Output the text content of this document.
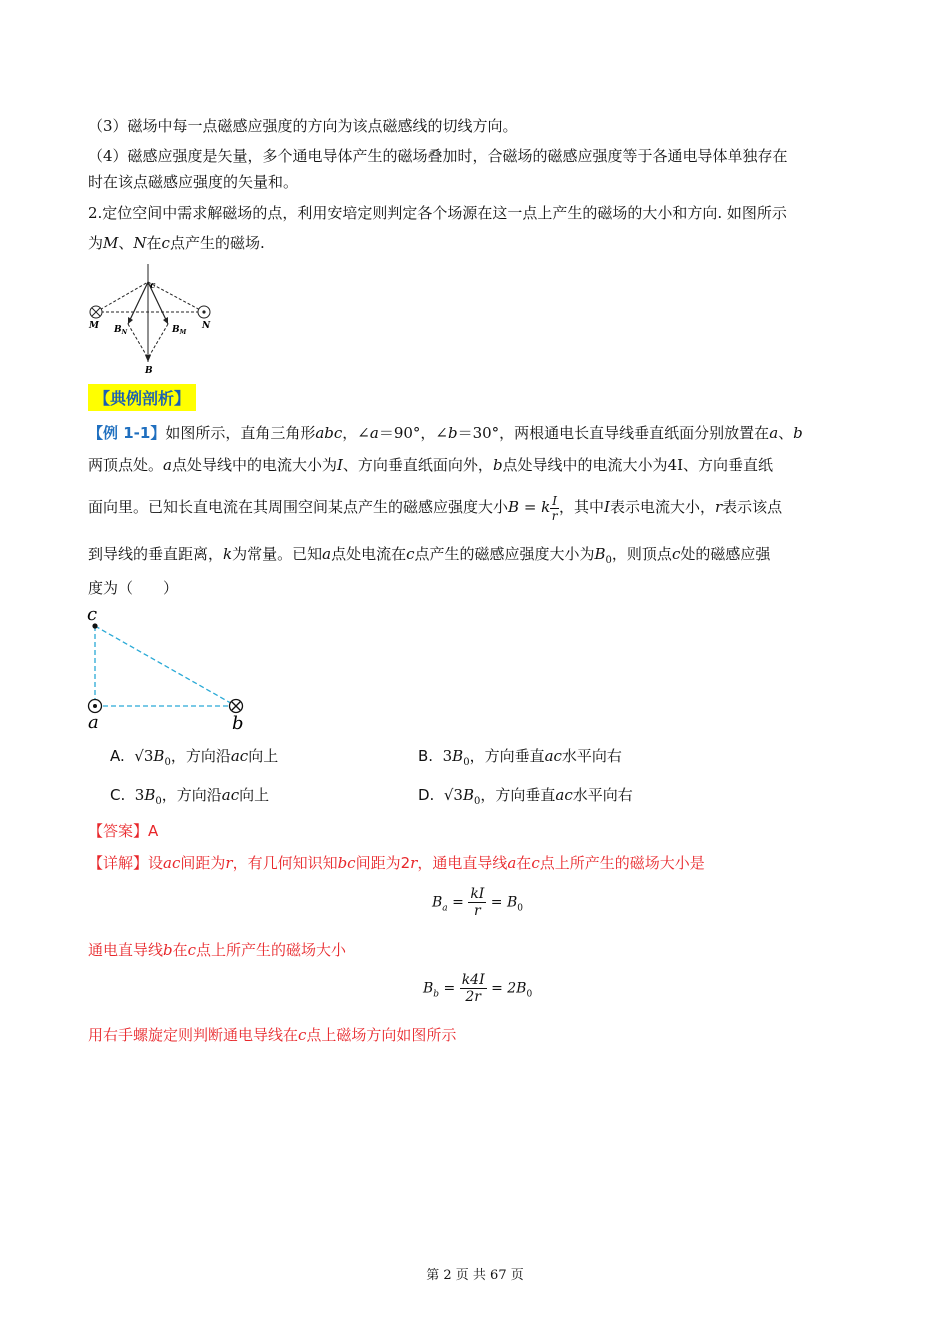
（3）磁场中每一点磁感应强度的方向为该点磁感线的切线方向。
（4）磁感应强度是矢量，多个通电导体产生的磁场叠加时，合磁场的磁感应强度等于各通电导体单独存在
时在该点磁感应强度的矢量和。
2.定位空间中需求解磁场的点，利用安培定则判定各个场源在这一点上产生的磁场的大小和方向. 如图所示
为M、N在c点产生的磁场.
c
M	N
$B_N$	$B_M$
B
【典例剖析】
【例 1-1】如图所示，直角三角形abc，∠a＝90°，∠b＝30°，两根通电长直导线垂直纸面分别放置在a、b
两顶点处。a点处导线中的电流大小为I、方向垂直纸面向外，b点处导线中的电流大小为4I、方向垂直纸
面向里。已知长直电流在其周围空间某点产生的磁感应强度大小B = k $\frac{I}{r}$ ，其中I表示电流大小，r表示该点
到导线的垂直距离，k为常量。已知a点处电流在c点产生的磁感应强度大小为$B_0$，则顶点c处的磁感应强
度为（　　）
c
a	b
A. $√3B_0$，方向沿ac向上	B. $3B_0$，方向垂直ac水平向右
C. $3B_0$，方向沿ac向上	D. $√3B_0$，方向垂直ac水平向右
【答案】A
【详解】设ac间距为r，有几何知识知bc间距为2r，通电直导线a在c点上所产生的磁场大小是
$B_a = \frac{kI}{r} = B_0$
通电直导线b在c点上所产生的磁场大小
$B_b = \frac{k4I}{2r} = 2B_0$
用右手螺旋定则判断通电导线在c点上磁场方向如图所示
第 2 页 共 67 页
